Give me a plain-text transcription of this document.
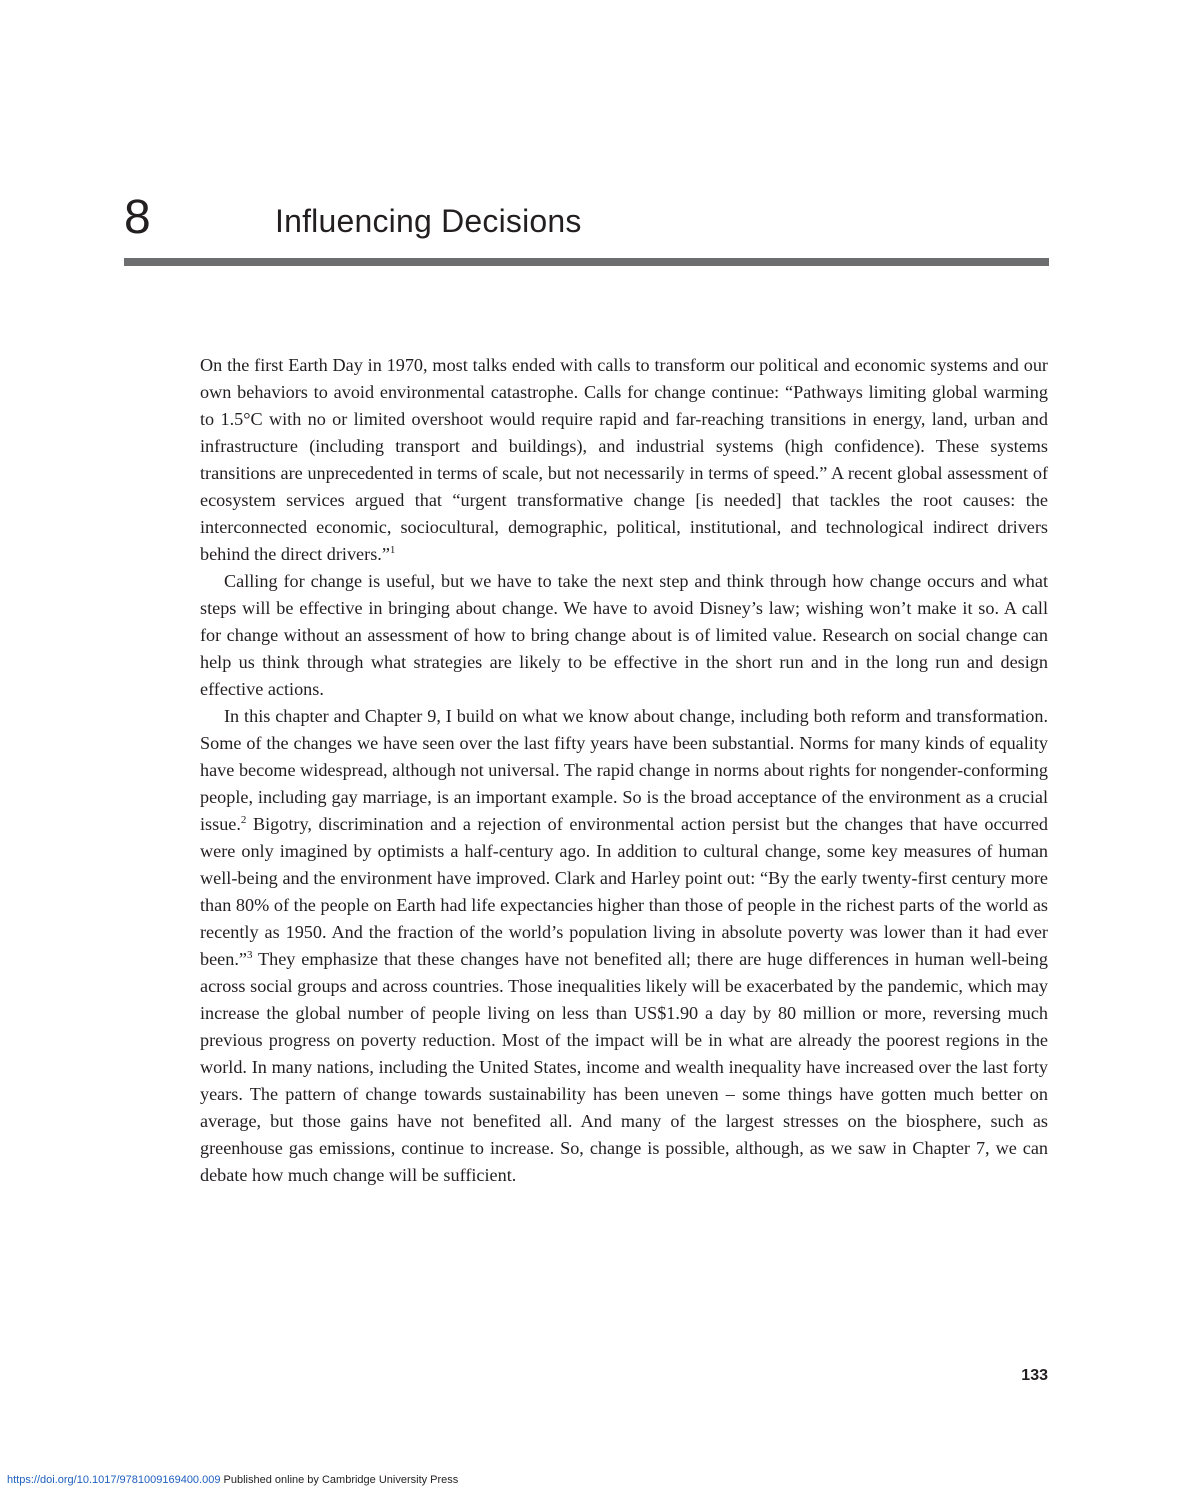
8	Influencing Decisions

On the first Earth Day in 1970, most talks ended with calls to transform our political and economic systems and our own behaviors to avoid environmental catastrophe. Calls for change continue: “Pathways limiting global warming to 1.5°C with no or limited overshoot would require rapid and far-reaching transitions in energy, land, urban and infrastructure (including transport and buildings), and industrial systems (high confidence). These systems transitions are unprecedented in terms of scale, but not necessarily in terms of speed.” A recent global assessment of ecosystem services argued that “urgent transformative change [is needed] that tackles the root causes: the interconnected economic, sociocultural, demographic, political, institutional, and technological indirect drivers behind the direct drivers.”$^1$

Calling for change is useful, but we have to take the next step and think through how change occurs and what steps will be effective in bringing about change. We have to avoid Disney’s law; wishing won’t make it so. A call for change without an assessment of how to bring change about is of limited value. Research on social change can help us think through what strategies are likely to be effective in the short run and in the long run and design effective actions.

In this chapter and Chapter 9, I build on what we know about change, including both reform and transformation. Some of the changes we have seen over the last fifty years have been substantial. Norms for many kinds of equality have become widespread, although not universal. The rapid change in norms about rights for nongender-conforming people, including gay marriage, is an important example. So is the broad acceptance of the environment as a crucial issue.$^2$ Bigotry, discrimination and a rejection of environmental action persist but the changes that have occurred were only imagined by optimists a half-century ago. In addition to cultural change, some key measures of human well-being and the environment have improved. Clark and Harley point out: “By the early twenty-first century more than 80% of the people on Earth had life expectancies higher than those of people in the richest parts of the world as recently as 1950. And the fraction of the world’s population living in absolute poverty was lower than it had ever been.”$^3$ They emphasize that these changes have not benefited all; there are huge differences in human well-being across social groups and across countries. Those inequalities likely will be exacerbated by the pandemic, which may increase the global number of people living on less than US$1.90 a day by 80 million or more, reversing much previous progress on poverty reduction. Most of the impact will be in what are already the poorest regions in the world. In many nations, including the United States, income and wealth inequality have increased over the last forty years. The pattern of change towards sustainability has been uneven – some things have gotten much better on average, but those gains have not benefited all. And many of the largest stresses on the biosphere, such as greenhouse gas emissions, continue to increase. So, change is possible, although, as we saw in Chapter 7, we can debate how much change will be sufficient.

133
https://doi.org/10.1017/9781009169400.009 Published online by Cambridge University Press
